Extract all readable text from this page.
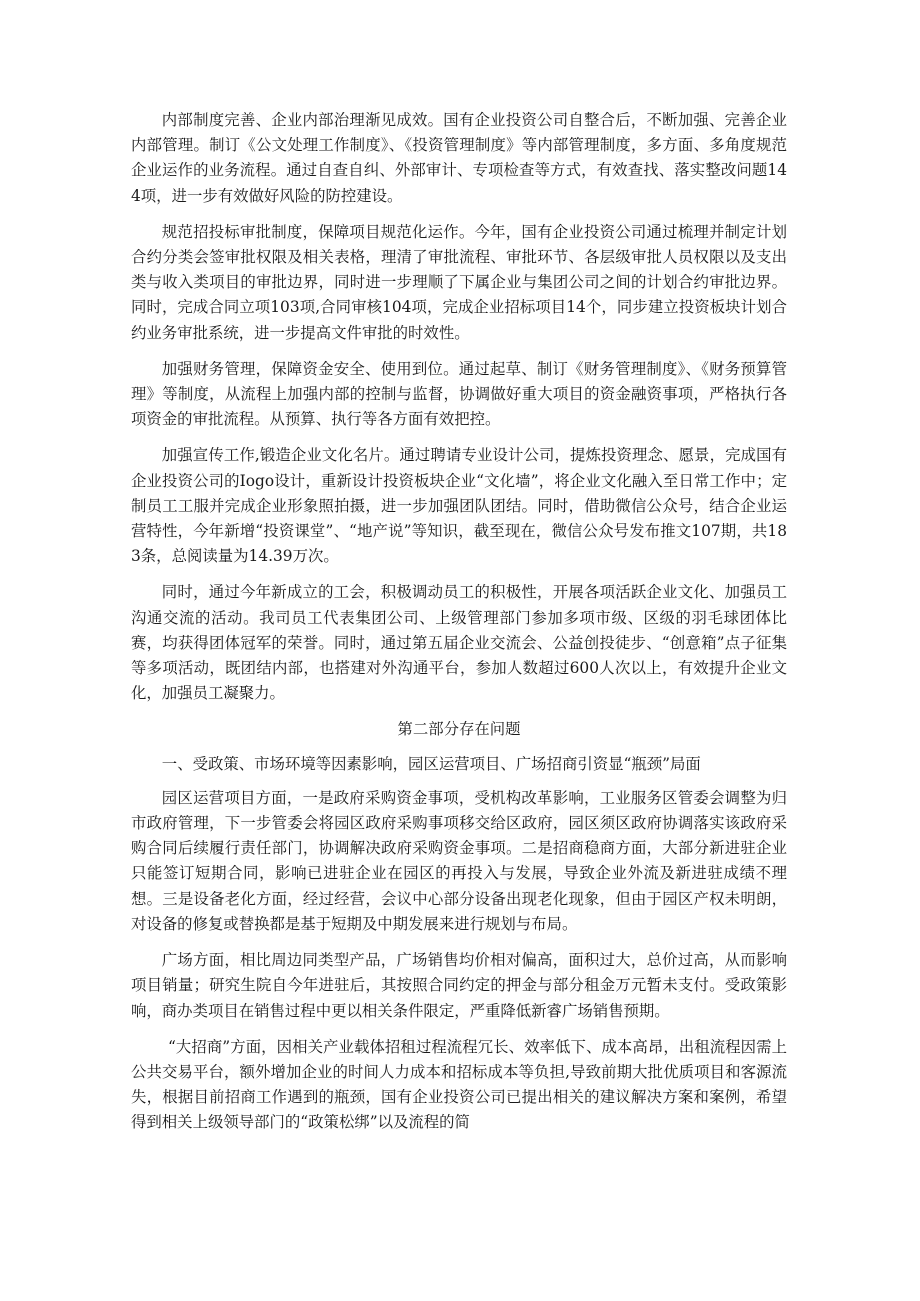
内部制度完善、企业内部治理渐见成效。国有企业投资公司自整合后，不断加强、完善企业内部管理。制订《公文处理工作制度》、《投资管理制度》等内部管理制度，多方面、多角度规范企业运作的业务流程。通过自查自纠、外部审计、专项检查等方式，有效查找、落实整改问题144项，进一步有效做好风险的防控建设。

规范招投标审批制度，保障项目规范化运作。今年，国有企业投资公司通过梳理并制定计划合约分类会签审批权限及相关表格，理清了审批流程、审批环节、各层级审批人员权限以及支出类与收入类项目的审批边界，同时进一步理顺了下属企业与集团公司之间的计划合约审批边界。同时，完成合同立项103项,合同审核104项，完成企业招标项目14个，同步建立投资板块计划合约业务审批系统，进一步提高文件审批的时效性。

加强财务管理，保障资金安全、使用到位。通过起草、制订《财务管理制度》、《财务预算管理》等制度，从流程上加强内部的控制与监督，协调做好重大项目的资金融资事项，严格执行各项资金的审批流程。从预算、执行等各方面有效把控。

加强宣传工作,锻造企业文化名片。通过聘请专业设计公司，提炼投资理念、愿景，完成国有企业投资公司的Iogo设计，重新设计投资板块企业“文化墙”，将企业文化融入至日常工作中；定制员工工服并完成企业形象照拍摄，进一步加强团队团结。同时，借助微信公众号，结合企业运营特性，今年新增“投资课堂”、“地产说”等知识，截至现在，微信公众号发布推文107期，共183条，总阅读量为14.39万次。

同时，通过今年新成立的工会，积极调动员工的积极性，开展各项活跃企业文化、加强员工沟通交流的活动。我司员工代表集团公司、上级管理部门参加多项市级、区级的羽毛球团体比赛，均获得团体冠军的荣誉。同时，通过第五届企业交流会、公益创投徒步、“创意箱”点子征集等多项活动，既团结内部，也搭建对外沟通平台，参加人数超过600人次以上，有效提升企业文化，加强员工凝聚力。

第二部分存在问题

一、受政策、市场环境等因素影响，园区运营项目、广场招商引资显“瓶颈”局面

园区运营项目方面，一是政府采购资金事项，受机构改革影响，工业服务区管委会调整为归市政府管理，下一步管委会将园区政府采购事项移交给区政府，园区须区政府协调落实该政府采购合同后续履行责任部门，协调解决政府采购资金事项。二是招商稳商方面，大部分新进驻企业只能签订短期合同，影响已进驻企业在园区的再投入与发展，导致企业外流及新进驻成绩不理想。三是设备老化方面，经过经营，会议中心部分设备出现老化现象，但由于园区产权未明朗，对设备的修复或替换都是基于短期及中期发展来进行规划与布局。

广场方面，相比周边同类型产品，广场销售均价相对偏高，面积过大，总价过高，从而影响项目销量；研究生院自今年进驻后，其按照合同约定的押金与部分租金万元暂未支付。受政策影响，商办类项目在销售过程中更以相关条件限定，严重降低新睿广场销售预期。

“大招商”方面，因相关产业载体招租过程流程冗长、效率低下、成本高昂，出租流程因需上公共交易平台，额外增加企业的时间人力成本和招标成本等负担,导致前期大批优质项目和客源流失，根据目前招商工作遇到的瓶颈，国有企业投资公司已提出相关的建议解决方案和案例，希望得到相关上级领导部门的“政策松绑”以及流程的简
